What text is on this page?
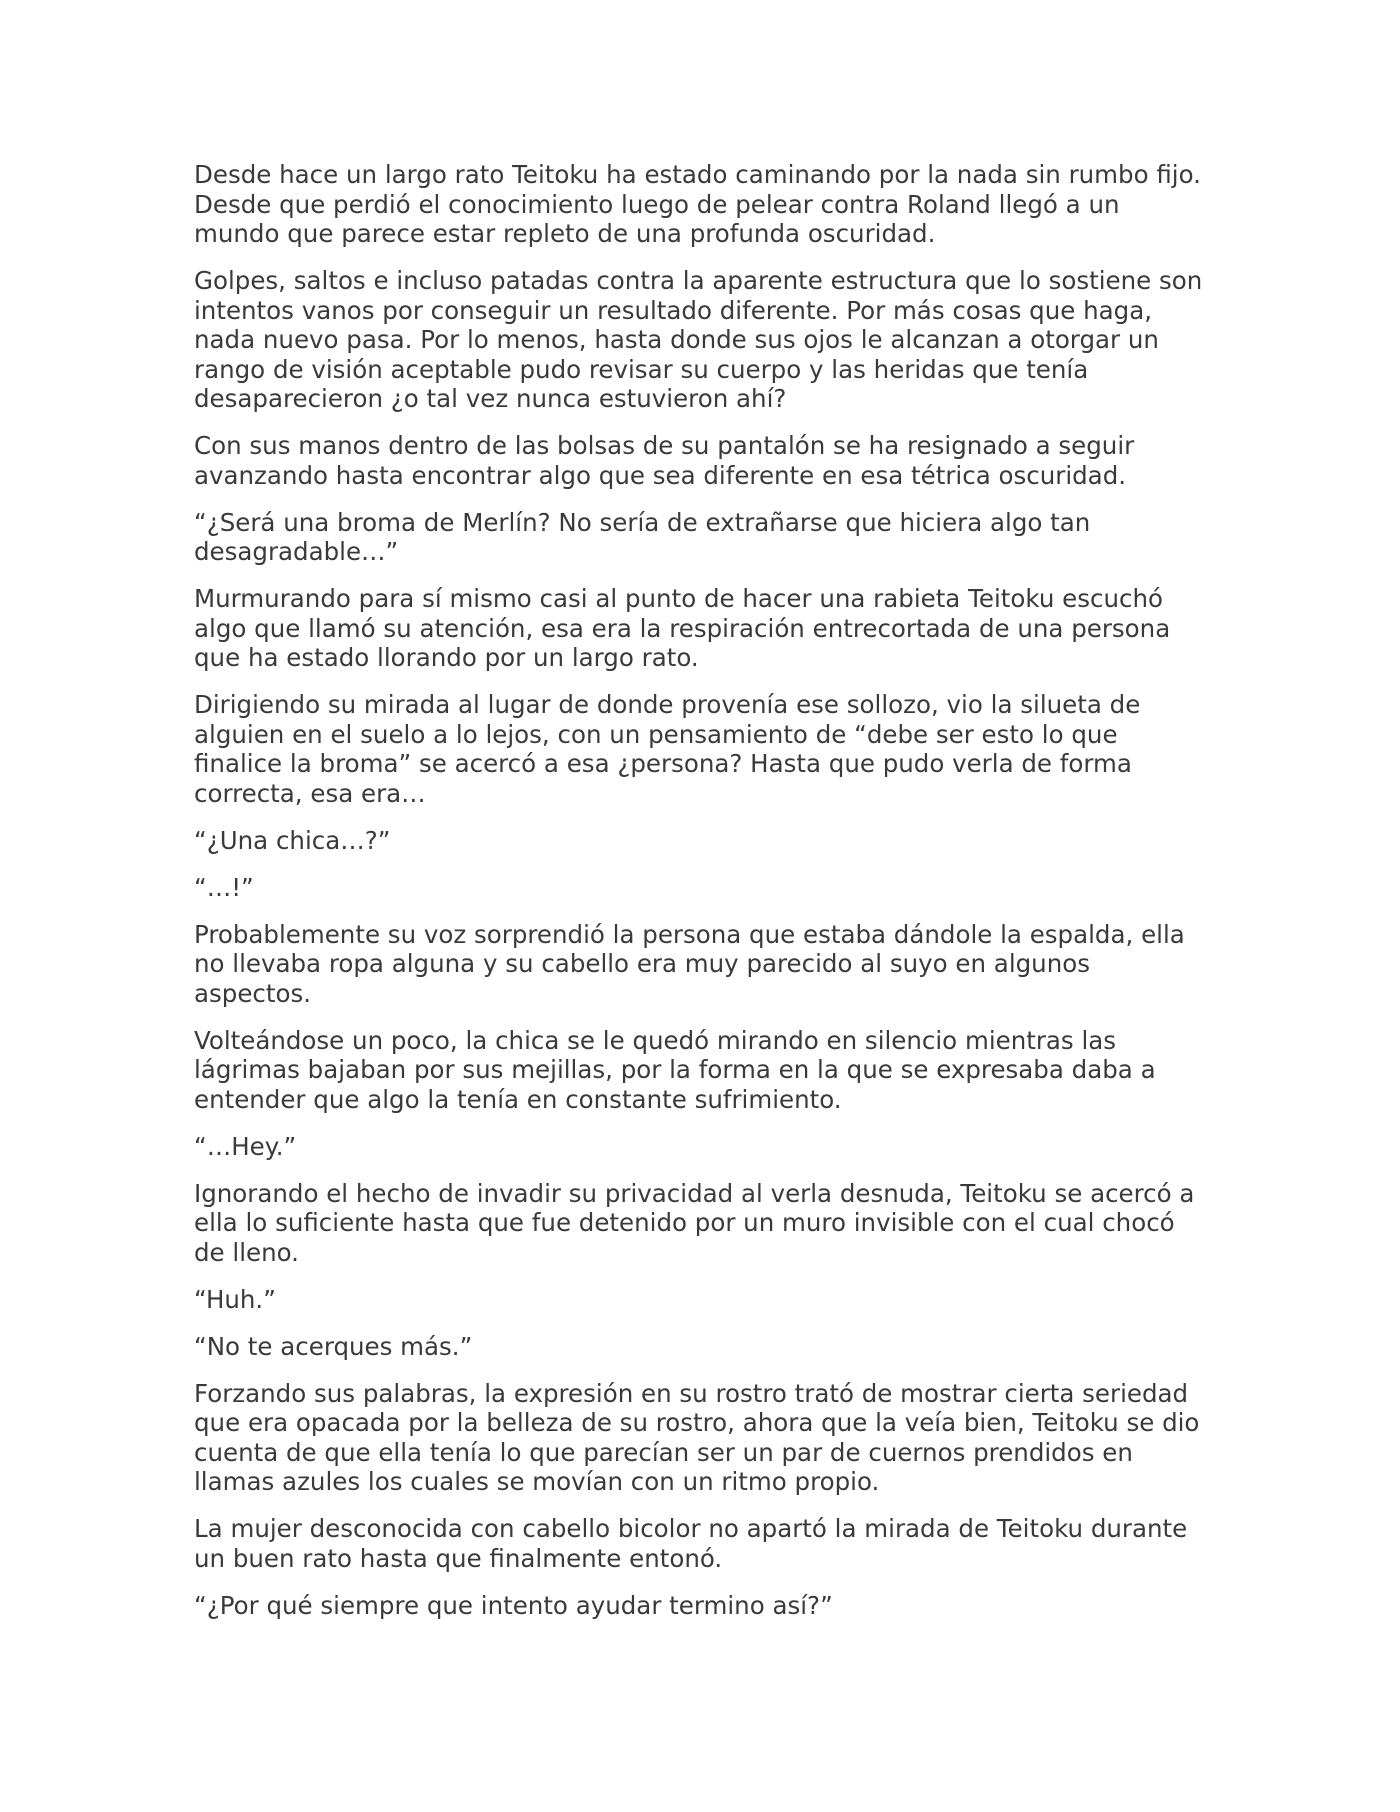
Desde hace un largo rato Teitoku ha estado caminando por la nada sin rumbo fijo. Desde que perdió el conocimiento luego de pelear contra Roland llegó a un mundo que parece estar repleto de una profunda oscuridad.

Golpes, saltos e incluso patadas contra la aparente estructura que lo sostiene son intentos vanos por conseguir un resultado diferente. Por más cosas que haga, nada nuevo pasa. Por lo menos, hasta donde sus ojos le alcanzan a otorgar un rango de visión aceptable pudo revisar su cuerpo y las heridas que tenía desaparecieron ¿o tal vez nunca estuvieron ahí?

Con sus manos dentro de las bolsas de su pantalón se ha resignado a seguir avanzando hasta encontrar algo que sea diferente en esa tétrica oscuridad.

“¿Será una broma de Merlín? No sería de extrañarse que hiciera algo tan desagradable…”

Murmurando para sí mismo casi al punto de hacer una rabieta Teitoku escuchó algo que llamó su atención, esa era la respiración entrecortada de una persona que ha estado llorando por un largo rato.

Dirigiendo su mirada al lugar de donde provenía ese sollozo, vio la silueta de alguien en el suelo a lo lejos, con un pensamiento de “debe ser esto lo que finalice la broma” se acercó a esa ¿persona? Hasta que pudo verla de forma correcta, esa era…

“¿Una chica…?”

“…!”

Probablemente su voz sorprendió la persona que estaba dándole la espalda, ella no llevaba ropa alguna y su cabello era muy parecido al suyo en algunos aspectos.

Volteándose un poco, la chica se le quedó mirando en silencio mientras las lágrimas bajaban por sus mejillas, por la forma en la que se expresaba daba a entender que algo la tenía en constante sufrimiento.

“…Hey.”

Ignorando el hecho de invadir su privacidad al verla desnuda, Teitoku se acercó a ella lo suficiente hasta que fue detenido por un muro invisible con el cual chocó de lleno.

“Huh.”

“No te acerques más.”

Forzando sus palabras, la expresión en su rostro trató de mostrar cierta seriedad que era opacada por la belleza de su rostro, ahora que la veía bien, Teitoku se dio cuenta de que ella tenía lo que parecían ser un par de cuernos prendidos en llamas azules los cuales se movían con un ritmo propio.

La mujer desconocida con cabello bicolor no apartó la mirada de Teitoku durante un buen rato hasta que finalmente entonó.

“¿Por qué siempre que intento ayudar termino así?”
